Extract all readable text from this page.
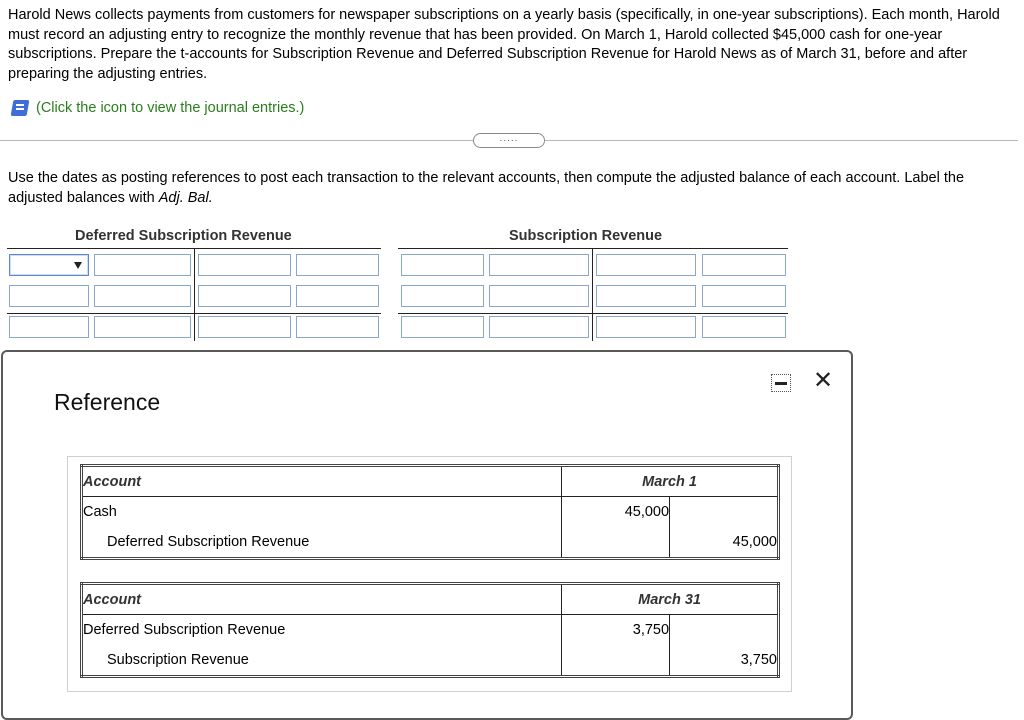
Harold News collects payments from customers for newspaper subscriptions on a yearly basis (specifically, in one-year subscriptions). Each month, Harold must record an adjusting entry to recognize the monthly revenue that has been provided. On March 1, Harold collected $45,000 cash for one-year subscriptions. Prepare the t-accounts for Subscription Revenue and Deferred Subscription Revenue for Harold News as of March 31, before and after preparing the adjusting entries.
(Click the icon to view the journal entries.)
.....
Use the dates as posting references to post each transaction to the relevant accounts, then compute the adjusted balance of each account. Label the adjusted balances with Adj. Bal.
Deferred Subscription Revenue	Subscription Revenue
Reference
✕
Account	March 1	
Cash	45,000	
Deferred Subscription Revenue		45,000
Account	March 31	
Deferred Subscription Revenue	3,750	
Subscription Revenue		3,750
